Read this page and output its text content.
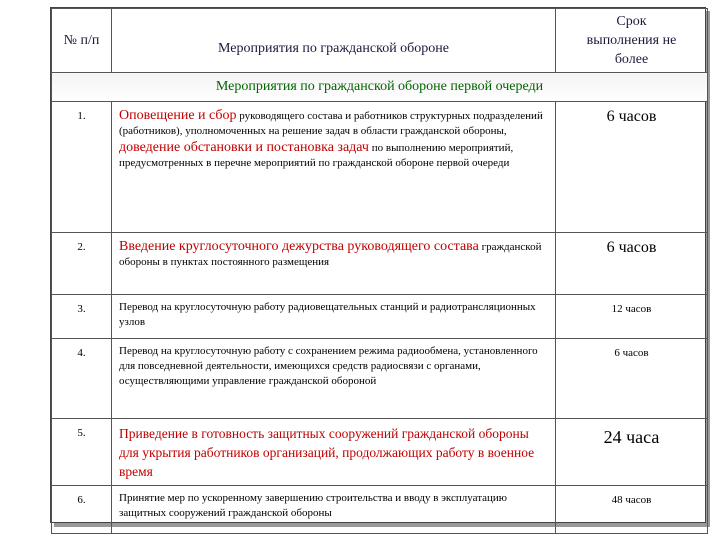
№ п/п	Мероприятия по гражданской обороне	Срок
выполнения не
более

Мероприятия по гражданской обороне первой очереди		
1.	Оповещение и сбор руководящего состава и работников структурных подразделений (работников), уполномоченных на решение задач в области гражданской обороны,
доведение обстановки и постановка задач по выполнению мероприятий, предусмотренных в перечне мероприятий по гражданской обороне первой очереди	6 часов
2.	Введение круглосуточного дежурства руководящего состава гражданской обороны в пунктах постоянного размещения	6 часов
3.	Перевод на круглосуточную работу радиовещательных станций и радиотрансляционных узлов	12 часов
4.	Перевод на круглосуточную работу с сохранением режима радиообмена, установленного для повседневной деятельности, имеющихся средств радиосвязи с органами, осуществляющими управление гражданской обороной	6 часов
5.	Приведение в готовность защитных сооружений гражданской обороны для укрытия работников организаций, продолжающих работу в военное время	24 часа
6.	Принятие мер по ускоренному завершению строительства и вводу в эксплуатацию защитных сооружений гражданской обороны	48 часов
